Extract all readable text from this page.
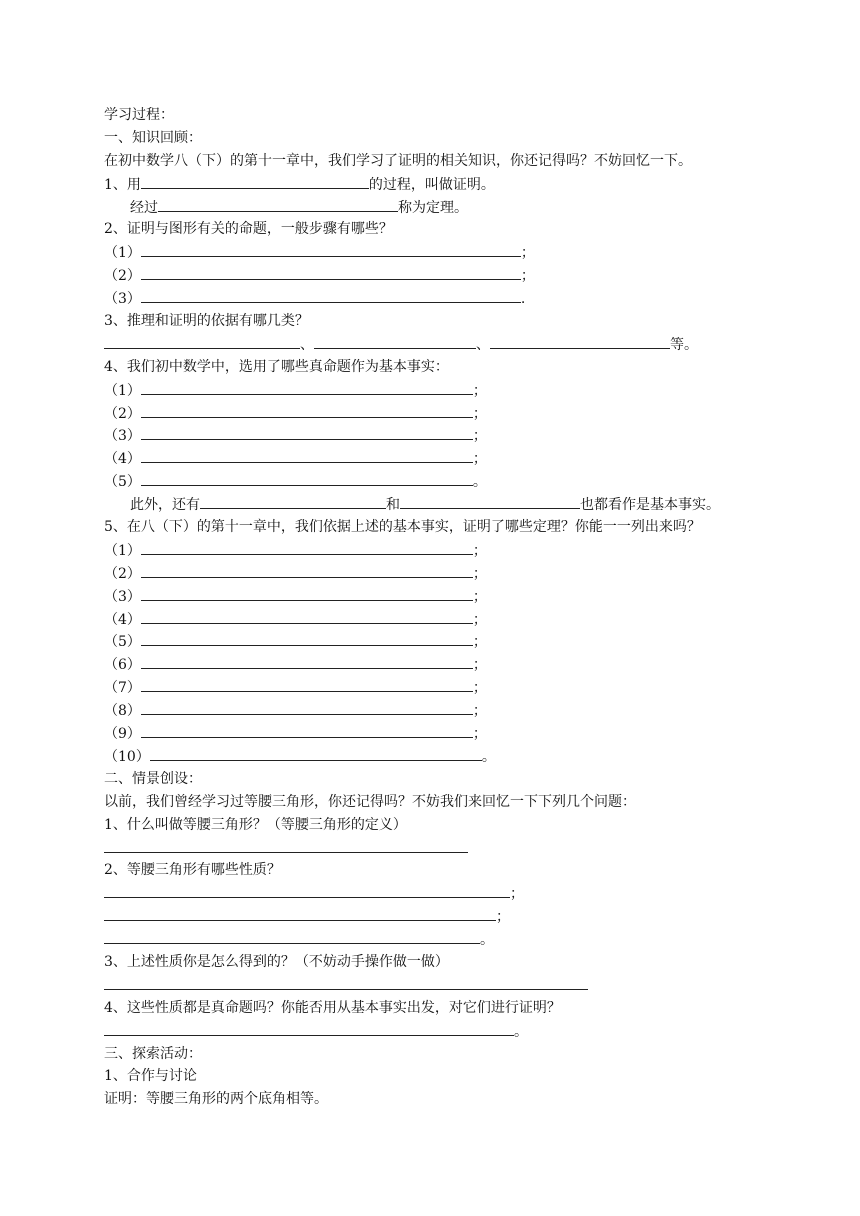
学习过程：
一、知识回顾：
在初中数学八（下）的第十一章中，我们学习了证明的相关知识，你还记得吗？不妨回忆一下。
1、用	的过程，叫做证明。
经过	称为定理。
2、证明与图形有关的命题，一般步骤有哪些？
（1）	；
（2）	；
（3）	.
3、推理和证明的依据有哪几类？
、	、	等。
4、我们初中数学中，选用了哪些真命题作为基本事实：
（1）	；
（2）	；
（3）	；
（4）	；
（5）	。
此外，还有	和	也都看作是基本事实。
5、在八（下）的第十一章中，我们依据上述的基本事实，证明了哪些定理？你能一一列出来吗？
（1）	；
（2）	；
（3）	；
（4）	；
（5）	；
（6）	；
（7）	；
（8）	；
（9）	；
（10）	。
二、情景创设：
以前，我们曾经学习过等腰三角形，你还记得吗？不妨我们来回忆一下下列几个问题：
1、什么叫做等腰三角形？（等腰三角形的定义）
2、等腰三角形有哪些性质？
；
；
。
3、上述性质你是怎么得到的？（不妨动手操作做一做）
4、这些性质都是真命题吗？你能否用从基本事实出发，对它们进行证明？
。
三、探索活动：
1、合作与讨论
证明：等腰三角形的两个底角相等。
